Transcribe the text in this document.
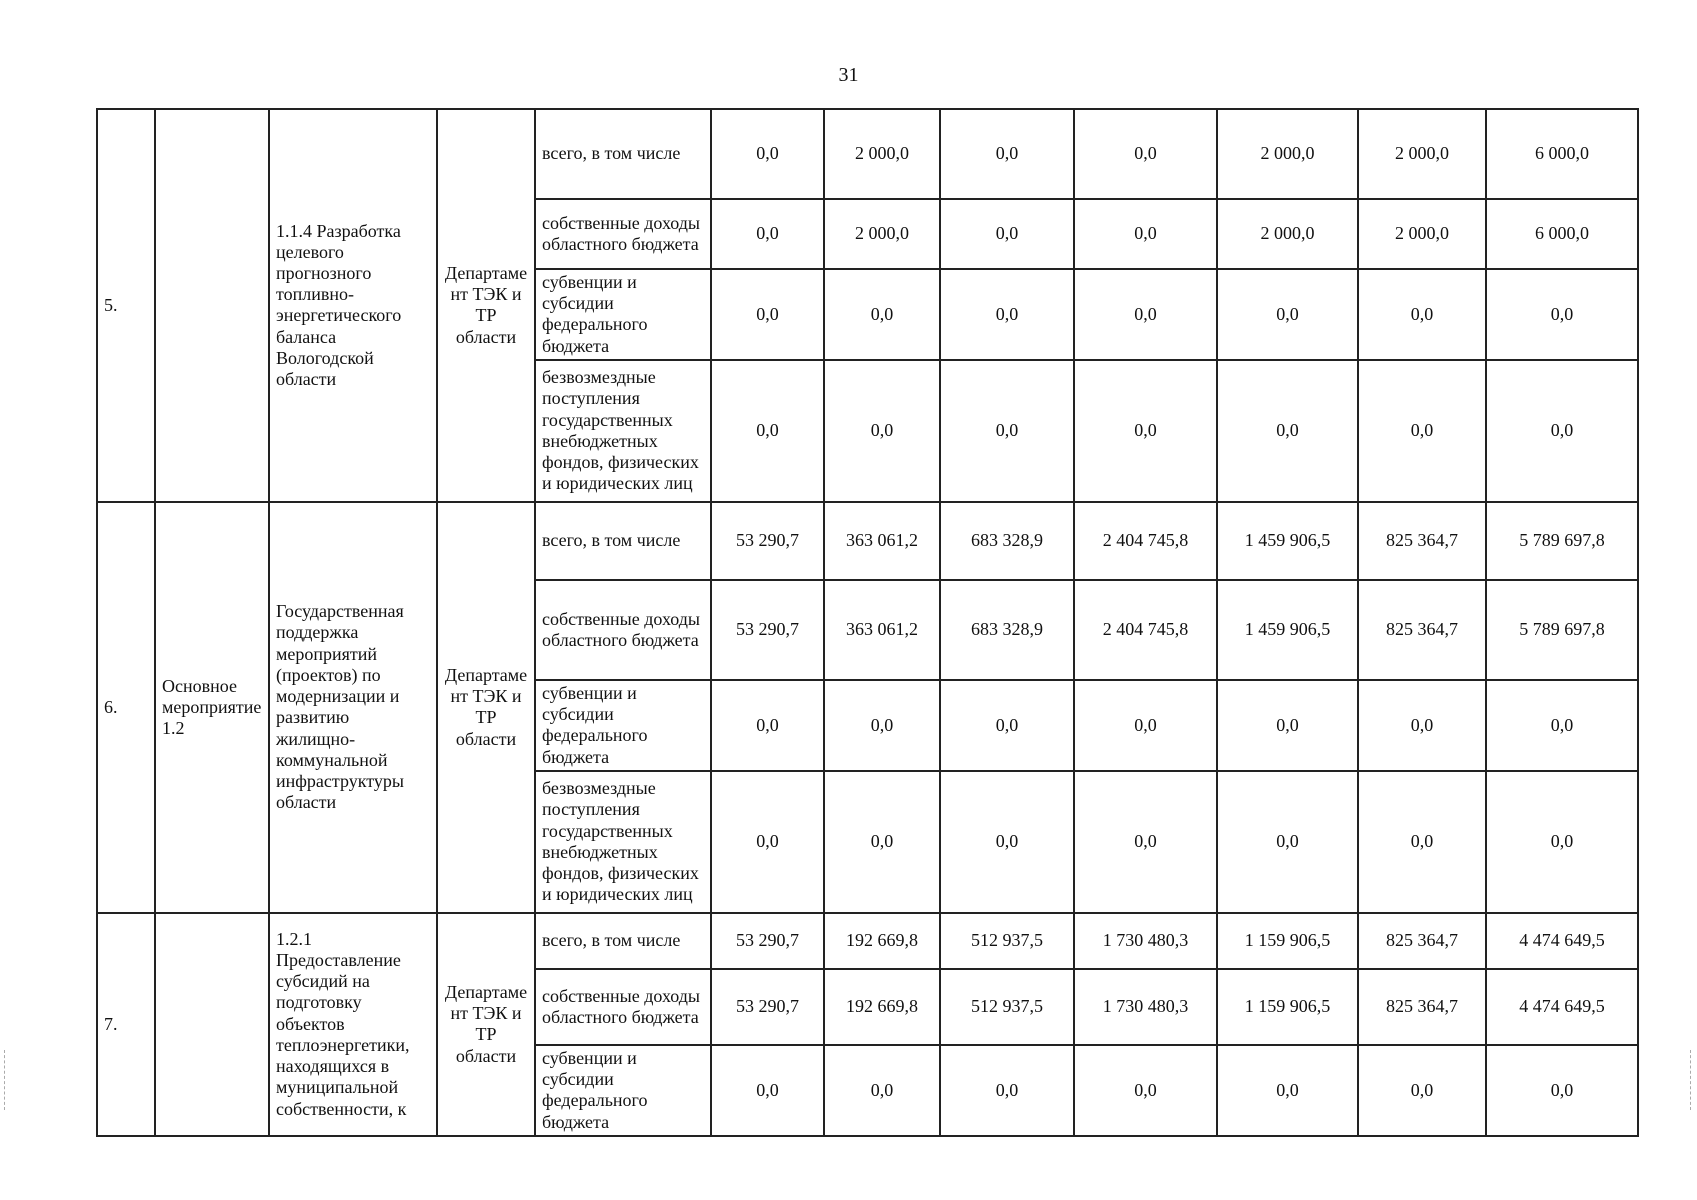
31
5.		1.1.4 Разработка целевого прогнозного топливно-энергетического баланса Вологодской области	Департамент ТЭК и ТР области	всего, в том числе	0,0	2 000,0	0,0	0,0	2 000,0	2 000,0	6 000,0
				собственные доходы областного бюджета	0,0	2 000,0	0,0	0,0	2 000,0	2 000,0	6 000,0
				субвенции и субсидии федерального бюджета	0,0	0,0	0,0	0,0	0,0	0,0	0,0
				безвозмездные поступления государственных внебюджетных фондов, физических и юридических лиц	0,0	0,0	0,0	0,0	0,0	0,0	0,0
6.	Основное мероприятие 1.2	Государственная поддержка мероприятий (проектов) по модернизации и развитию жилищно-коммунальной инфраструктуры области	Департамент ТЭК и ТР области	всего, в том числе	53 290,7	363 061,2	683 328,9	2 404 745,8	1 459 906,5	825 364,7	5 789 697,8
				собственные доходы областного бюджета	53 290,7	363 061,2	683 328,9	2 404 745,8	1 459 906,5	825 364,7	5 789 697,8
				субвенции и субсидии федерального бюджета	0,0	0,0	0,0	0,0	0,0	0,0	0,0
				безвозмездные поступления государственных внебюджетных фондов, физических и юридических лиц	0,0	0,0	0,0	0,0	0,0	0,0	0,0
7.		1.2.1 Предоставление субсидий на подготовку объектов теплоэнергетики, находящихся в муниципальной собственности, к	Департамент ТЭК и ТР области	всего, в том числе	53 290,7	192 669,8	512 937,5	1 730 480,3	1 159 906,5	825 364,7	4 474 649,5
				собственные доходы областного бюджета	53 290,7	192 669,8	512 937,5	1 730 480,3	1 159 906,5	825 364,7	4 474 649,5
				субвенции и субсидии федерального бюджета	0,0	0,0	0,0	0,0	0,0	0,0	0,0
